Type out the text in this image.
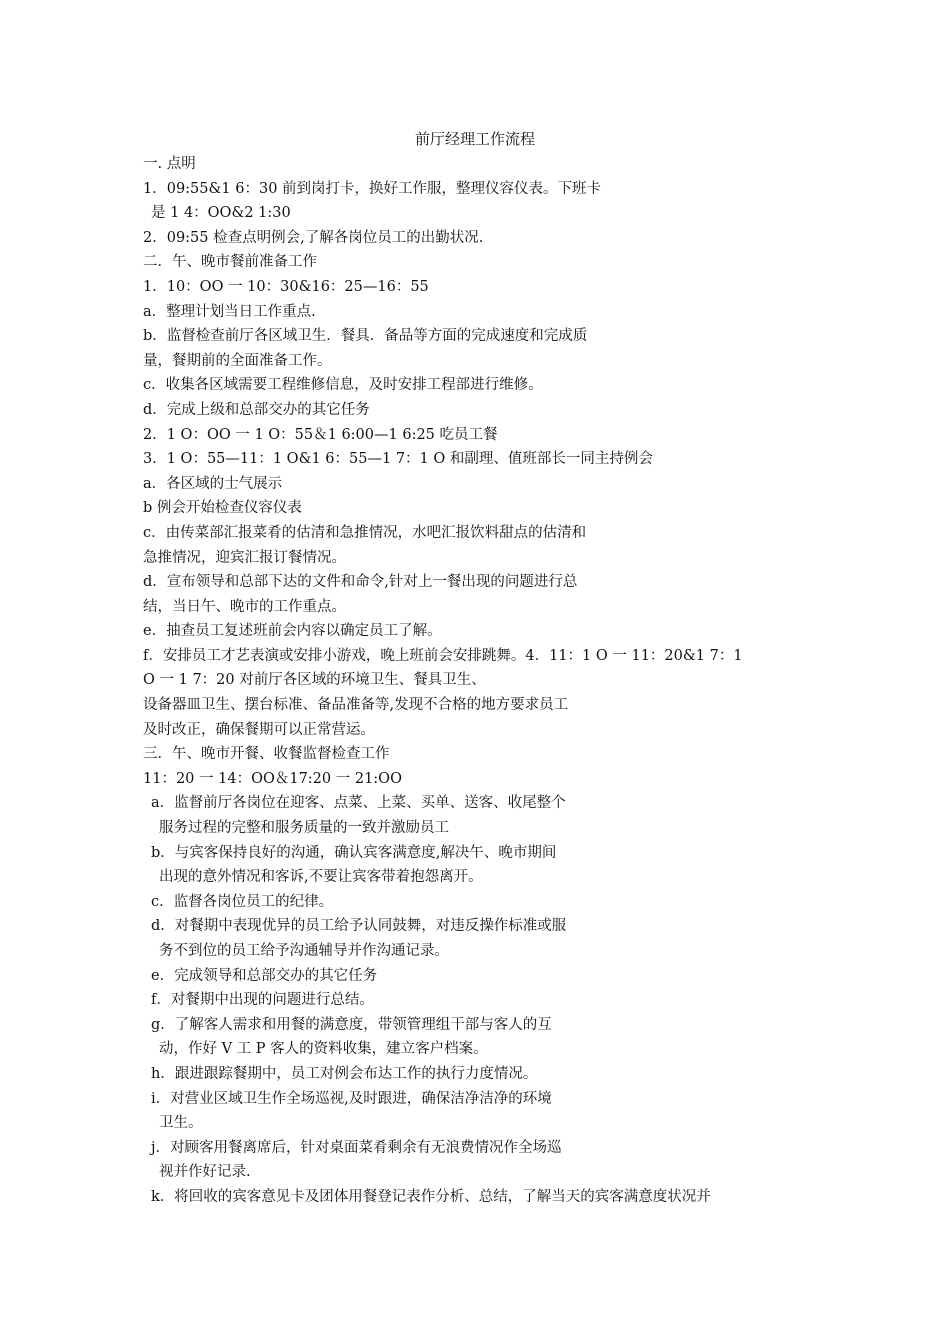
前厅经理工作流程
一. 点明
1．09:55&1 6：30 前到岗打卡，换好工作服，整理仪容仪表。下班卡
是 1 4：OO&2 1:30
2．09:55 检查点明例会,了解各岗位员工的出勤状况.
二．午、晚市餐前准备工作
1．10：OO 一 10：30&16：25—16：55
a．整理计划当日工作重点.
b．监督检查前厅各区域卫生．餐具．备品等方面的完成速度和完成质
量，餐期前的全面准备工作。
c．收集各区域需要工程维修信息，及时安排工程部进行维修。
d．完成上级和总部交办的其它任务
2．1 O：OO 一 1 O：55＆1 6:00—1 6:25 吃员工餐
3．1 O：55—11：1 O&1 6：55—1 7：1 O 和副理、值班部长一同主持例会
a．各区域的士气展示
b 例会开始检查仪容仪表
c．由传菜部汇报菜肴的估清和急推情况，水吧汇报饮料甜点的估清和
急推情况，迎宾汇报订餐情况。
d．宣布领导和总部下达的文件和命令,针对上一餐出现的问题进行总
结，当日午、晚市的工作重点。
e．抽查员工复述班前会内容以确定员工了解。
f．安排员工才艺表演或安排小游戏，晚上班前会安排跳舞。4．11：1 O 一 11：20&1 7：1
O 一 1 7：20 对前厅各区域的环境卫生、餐具卫生、
设备器皿卫生、摆台标准、备品准备等,发现不合格的地方要求员工
及时改正，确保餐期可以正常营运。
三．午、晚市开餐、收餐监督检查工作
11：20 一 14：OO＆17:20 一 21:OO
a．监督前厅各岗位在迎客、点菜、上菜、买单、送客、收尾整个
服务过程的完整和服务质量的一致并激励员工
b．与宾客保持良好的沟通，确认宾客满意度,解决午、晚市期间
出现的意外情况和客诉,不要让宾客带着抱怨离开。
c．监督各岗位员工的纪律。
d．对餐期中表现优异的员工给予认同鼓舞，对违反操作标准或服
务不到位的员工给予沟通辅导并作沟通记录。
e．完成领导和总部交办的其它任务
f．对餐期中出现的问题进行总结。
g．了解客人需求和用餐的满意度，带领管理组干部与客人的互
动，作好 V 工 P 客人的资料收集，建立客户档案。
h．跟进跟踪餐期中，员工对例会布达工作的执行力度情况。
i．对营业区域卫生作全场巡视,及时跟进，确保洁净洁净的环境
卫生。
j．对顾客用餐离席后，针对桌面菜肴剩余有无浪费情况作全场巡
视并作好记录.
k．将回收的宾客意见卡及团体用餐登记表作分析、总结，了解当天的宾客满意度状况并
